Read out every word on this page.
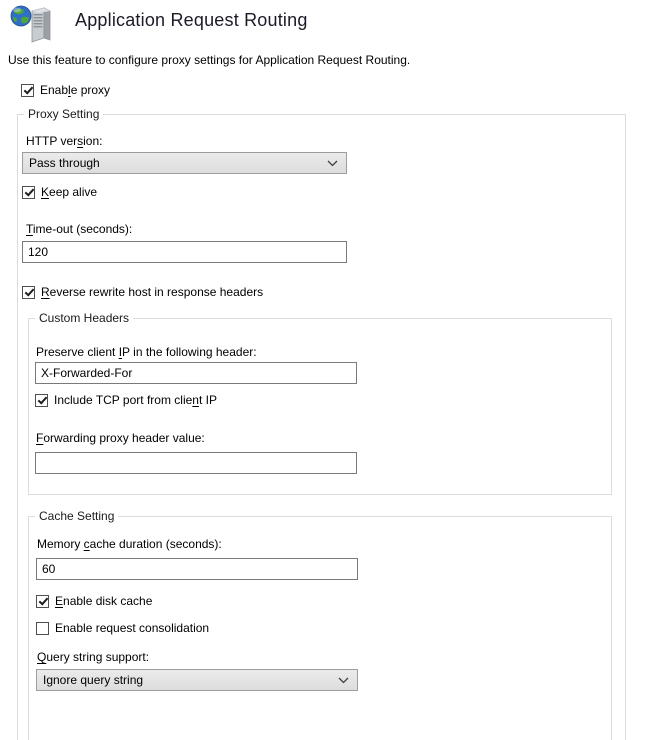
Application Request Routing
Use this feature to configure proxy settings for Application Request Routing.
Enable proxy
Proxy Setting
HTTP version:
Pass through
Keep alive
Time-out (seconds):
120
Reverse rewrite host in response headers
Custom Headers
Preserve client IP in the following header:
X-Forwarded-For
Include TCP port from client IP
Forwarding proxy header value:
Cache Setting
Memory cache duration (seconds):
60
Enable disk cache
Enable request consolidation
Query string support:
Ignore query string
